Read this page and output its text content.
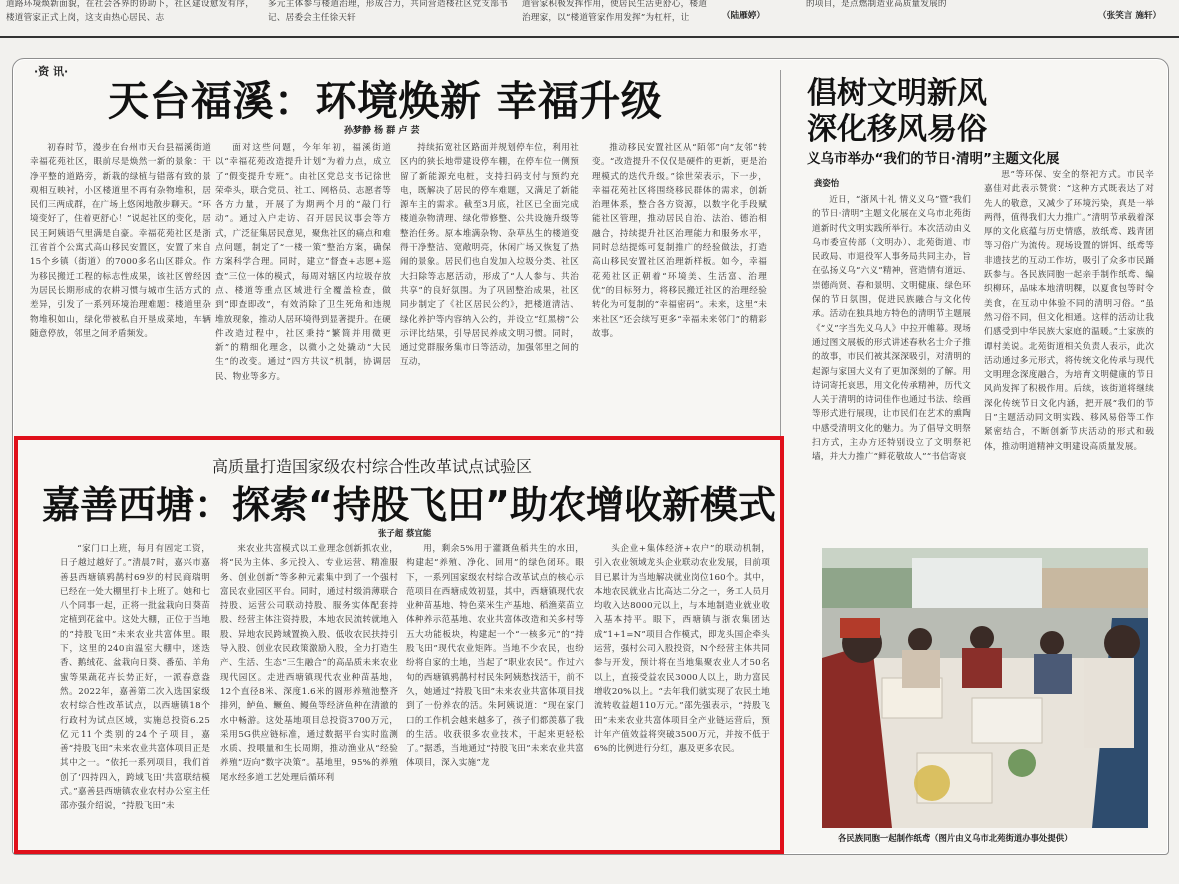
道路环境焕新面貌，在社会各界的协助下，社区建设愈发有序，楼道管家正式上岗，这支由热心居民、志
多元主体参与楼道治理，形成合力，共同营造楼社区党支部书记、居委会主任徐天轩
道管家积极发挥作用，使居民生活更舒心，楼道治理家，以“楼道管家作用发挥”为杠杆，让	（陆雁婷）
的项目，是点燃制造业高质量发展的
（张笑言 施轩）
·资 讯·
天台福溪：环境焕新 幸福升级
孙梦静 杨 群 卢 芸

初春时节，漫步在台州市天台县福溪街道幸福花苑社区，眼前尽是焕然一新的景象：干净平整的道路旁，新栽的绿植与错落有致的景观相互映衬，小区楼道里不再有杂物堆积，居民们三两成群，在广场上悠闲地散步聊天。“环境变好了，住着更舒心！”说起社区的变化，居民王阿姨语气里满是自豪。幸福花苑社区是浙江省首个公寓式高山移民安置区，安置了来自15个乡镇（街道）的7000多名山区群众。作为移民搬迁工程的标志性成果，该社区曾经因为居民长期形成的农耕习惯与城市生活方式的差异，引发了一系列环境治理难题：楼道里杂物堆积如山，绿化带被私自开垦成菜地，车辆随意停放，邻里之间矛盾频发。

面对这些问题，今年年初，福溪街道以“幸福花苑改造提升计划”为着力点，成立了“假变提升专班”。由社区党总支书记徐世荣牵头，联合党员、社工、网格员、志愿者等各方力量，开展了为期两个月的“敲门行动”。通过入户走访、召开居民议事会等方式，广泛征集居民意见，聚焦社区的痛点和难点问题，制定了“一楼一策”整治方案，确保方案科学合理。同时，建立“督查+志愿+巡查”三位一体的模式，每周对辖区内垃圾存放点、楼道等重点区域进行全覆盖检查，做到“即查即改”，有效消除了卫生死角和违规堆放现象，推动人居环境得到显著提升。在硬件改造过程中，社区秉持“繁简并用微更新”的精细化理念，以微小之处撬动“大民生”的改变。通过“四方共议”机制，协调居民、物业等多方。

持续拓宽社区路面并规划停车位，利用社区内的狭长地带建设停车棚，在停车位一侧预留了新能源充电桩，支持扫码支付与预约充电，既解决了居民的停车难题，又满足了新能源车主的需求。截至3月底，社区已全面完成楼道杂物清理、绿化带修整、公共设施升级等整治任务。原本堆满杂物、杂草丛生的楼道变得干净整洁、宽敞明亮，休闲广场又恢复了热闹的景象。居民们也自发加入垃圾分类、社区大扫除等志愿活动，形成了“人人参与、共治共享”的良好氛围。为了巩固整治成果，社区同步制定了《社区居民公约》，把楼道清洁、绿化养护等内容纳入公约，并设立“红黑榜”公示评比结果，引导居民养成文明习惯。同时，通过党群服务集市日等活动，加强邻里之间的互动，

推动移民安置社区从“陌邻”向“友邻”转变。“改造提升不仅仅是硬件的更新，更是治理模式的迭代升级。”徐世荣表示，下一步，幸福花苑社区将围绕移民群体的需求，创新治理体系，整合各方资源，以数字化手段赋能社区管理，推动居民自治、法治、德治相融合，持续提升社区治理能力和服务水平，同时总结提炼可复制推广的经验做法，打造高山移民安置社区治理新样板。如今，幸福花苑社区正朝着“环境美、生活富、治理优”的目标努力，将移民搬迁社区的治理经验转化为可复制的“幸福密码”。未来，这里“未来社区”还会续写更多“幸福未来邻门”的精彩故事。

高质量打造国家级农村综合性改革试点试验区
嘉善西塘：探索“持股飞田”助农增收新模式
张子超 蔡宜能

“家门口上班，每月有固定工资，日子越过越好了。”清晨7时，嘉兴市嘉善县西塘镇鸦鹊村69岁的村民商瑞明已经在一处大棚里打卡上班了。她和七八个同事一起，正将一批盆栽向日葵苗定植到花盆中。这处大棚，正位于当地的“持股飞田”未来农业共富体里。眼下，这里的240亩温室大棚中，迷迭香、鹅绒花、盆栽向日葵、番茄、羊角蜜等果蔬花卉长势正好，一派春意盎然。2022年，嘉善第二次入选国家级农村综合性改革试点，以西塘镇18个行政村为试点区域，实施总投资6.25亿元11个类别的24个子项目，嘉善“持股飞田”未来农业共富体项目正是其中之一。“依托一系列项目，我们首创了‘四持四入，跨域飞田’共富联结模式。”嘉善县西塘镇农业农村办公室主任邵亦强介绍说，“持股飞田”未

来农业共富模式以工业理念创新抓农业，将“民为主体、多元投入、专业运营、精准服务、创业创新”等多种元素集中到了一个强村富民农业园区平台。同时，通过村级消薄联合持股、运营公司联动持股、服务实体配套持股、经营主体注资持股，本地农民流转就地入股、异地农民跨域置换入股、低收农民扶持引导入股、创业农民政策激励入股，全力打造生产、生活、生态“三生融合”的高品质未来农业现代园区。走进西塘镇现代农业种苗基地，12个直径8米、深度1.6米的圆形养殖池整齐排列，鲈鱼、鳜鱼、鳗鱼等经济鱼种在清澈的水中畅游。这处基地项目总投资3700万元，采用5G供应链标准，通过数据平台实时监测水质、投喂量和生长周期，推动渔业从“经验养殖”迈向“数字决策”。基地里，95%的养殖尾水经多道工艺处理后循环利

用，剩余5%用于灌溉鱼稻共生的水田，构建起“养殖、净化、回用”的绿色闭环。眼下，一系列国家级农村综合改革试点的核心示范项目在西塘成效初显，其中，西塘镇现代农业种苗基地、特色菜米生产基地、稻渔菜苗立体种养示范基地、农业共富体改造和关多村等五大功能板块，构建起一个“一核多元”的“持股飞田”现代农业矩阵。当地不少农民，也纷纷将自家的土地，当起了“职业农民”。作过六旬的西塘镇鸦鹊村村民朱阿姨愁找活干，前不久，她通过“持股飞田”未来农业共富体项目找到了一份养农的活。朱阿姨说道：“现在家门口的工作机会越来越多了，孩子们都羡慕了我的生活。收获很多农业技术，干起来更轻松了。”据悉，当地通过“持股飞田”未来农业共富体项目，深入实施“龙

头企业+集体经济+农户”的联动机制，引入农业领域龙头企业联动农业发展，目前项目已累计为当地解决就业岗位160个。其中，本地农民就业占比高达二分之一，务工人员月均收入达8000元以上，与本地制造业就业收入基本持平。眼下，西塘镇与浙农集团达成“1+1=N”项目合作模式，即龙头国企牵头运营，强村公司入股投资，N个经营主体共同参与开发，预计将在当地集聚农业人才50名以上，直接受益农民3000人以上，助力富民增收20%以上。“去年我们就实现了农民土地流转收益超110万元。”邵先强表示，“持股飞田”未来农业共富体项目全产业链运营后，预计年产值效益将突破3500万元，并按不低于6%的比例进行分红，惠及更多农民。

倡树文明新风
深化移风易俗
义乌市举办“我们的节日·清明”主题文化展
龚姿怡

近日，“浙风十礼 情义义乌”暨“我们的节日·清明”主题文化展在义乌市北苑街道新时代文明实践所举行。本次活动由义乌市委宣传部（文明办）、北苑街道、市民政局、市退役军人事务局共同主办，旨在弘扬义乌“六义”精神，营造情有道远、崇德尚贤、春和景明、文明健康、绿色环保的节日氛围，促进民族融合与文化传承。活动在独具地方特色的清明节主题展《“义”字当先义乌人》中拉开帷幕。现场通过图文展板的形式讲述春秋名士介子推的故事，市民们被其深深吸引，对清明的起源与家国大义有了更加深刻的了解。用诗词寄托哀思，用文化传承精神，历代文人关于清明的诗词佳作也通过书法、绘画等形式进行展现，让市民们在艺术的熏陶中感受清明文化的魅力。为了倡导文明祭扫方式，主办方还特别设立了文明祭祀墙，并大力推广“鲜花敬故人”“书信寄哀

思”等环保、安全的祭祀方式。市民辛嘉佳对此表示赞赏：“这种方式既表达了对先人的敬意，又减少了环境污染，真是一举两得，值得我们大力推广。”清明节承载着深厚的文化底蕴与历史情感，放纸鸢、践青团等习俗广为流传。现场设置的饼饵、纸鸢等非遗技艺的互动工作坊，吸引了众多市民踊跃参与。各民族同胞一起亲手制作纸鸢、编织柳环，品味本地清明粿，以夏食包等时令美食，在互动中体验不同的清明习俗。“虽然习俗不同，但文化相通。这样的活动让我们感受到中华民族大家庭的温暖。”土家族的谭村美说。北苑街道相关负责人表示，此次活动通过多元形式，将传统文化传承与现代文明理念深度融合，为培育文明健康的节日风尚发挥了积极作用。后续，该街道将继续深化传统节日文化内涵，把开展“我们的节日”主题活动同文明实践、移风易俗等工作紧密结合，不断创新节庆活动的形式和载体，推动明道精神文明建设高质量发展。

各民族同胞一起制作纸鸢（图片由义乌市北苑街道办事处提供）
